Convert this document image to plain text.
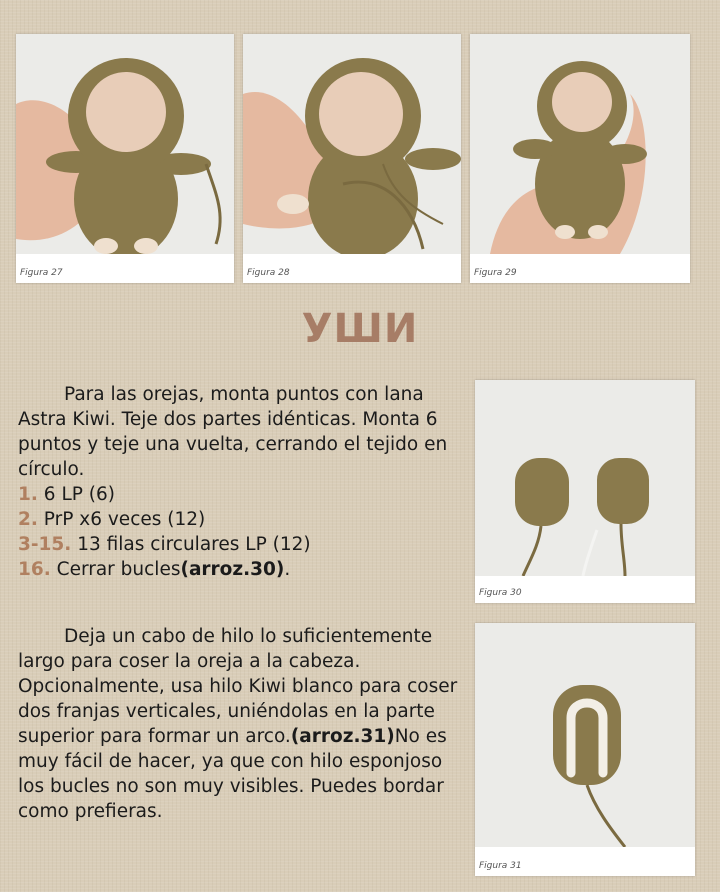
Figura 27	Figura 28	Figura 29
УШИ

Para las orejas, monta puntos con lana Astra Kiwi. Teje dos partes idénticas. Monta 6 puntos y teje una vuelta, cerrando el tejido en círculo.

1. 6 LP (6)

2. PrP x6 veces (12)

3-15. 13 filas circulares LP (12)

16. Cerrar bucles(arroz.30).

Figura 30

Deja un cabo de hilo lo suficientemente largo para coser la oreja a la cabeza. Opcionalmente, usa hilo Kiwi blanco para coser dos franjas verticales, uniéndolas en la parte superior para formar un arco.(arroz.31)No es muy fácil de hacer, ya que con hilo esponjoso los bucles no son muy visibles. Puedes bordar como prefieras.

Figura 31
